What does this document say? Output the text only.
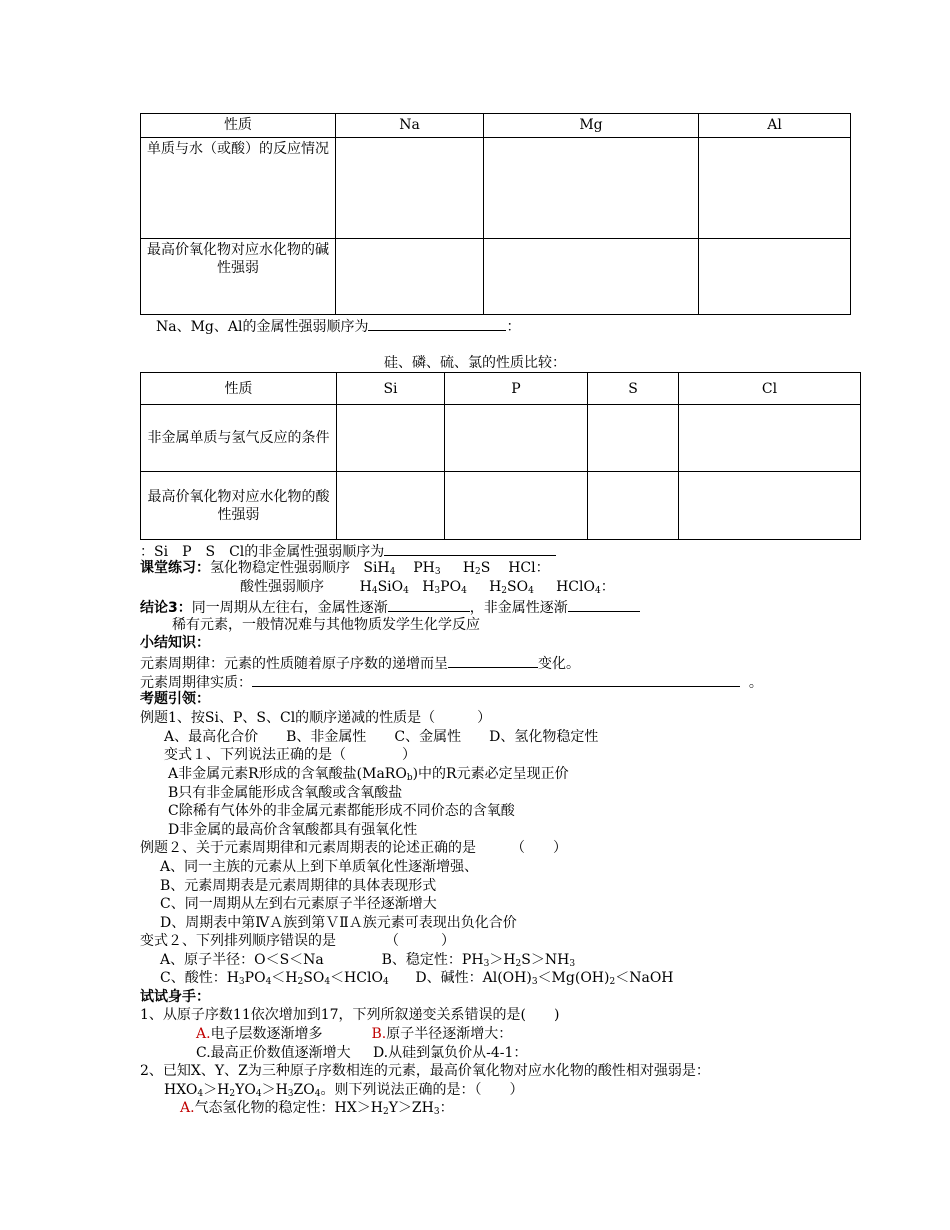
性质	Na	Mg	Al
单质与水（或酸）的反应情况			
最高价氧化物对应水化物的碱性强弱			
Na、Mg、Al的金属性强弱顺序为	：
硅、磷、硫、氯的性质比较：
性质	Si	P	S	Cl
非金属单质与氢气反应的条件				
最高价氧化物对应水化物的酸性强弱				
：Si　P　S　Cl的非金属性强弱顺序为
课堂练习：氢化物稳定性强弱顺序 SiH$_4$ $PH_3$ $H_2S$ HCl：
酸性强弱顺序	$H_4SiO_4$ $H_3PO_4$ $H_2SO_4$ HClO$_4$：
结论3：同一周期从左往右，金属性逐渐	，非金属性逐渐
稀有元素，一般情况难与其他物质发学生化学反应
小结知识：
元素周期律：元素的性质随着原子序数的递增而呈	变化。
元素周期律实质：	。
考题引领：
例题1、按Si、P、S、Cl的顺序递减的性质是（　　　）
A、最高化合价　　B、非金属性　　C、金属性　　D、氢化物稳定性
变式１、下列说法正确的是（　　　　）
A非金属元素R形成的含氧酸盐(MaRO$_b$)中的R元素必定呈现正价
B只有非金属能形成含氧酸或含氧酸盐
C除稀有气体外的非金属元素都能形成不同价态的含氧酸
D非金属的最高价含氧酸都具有强氧化性
例题２、关于元素周期律和元素周期表的论述正确的是　　　（　　）
A、同一主族的元素从上到下单质氧化性逐渐增强、
B、元素周期表是元素周期律的具体表现形式
C、同一周期从左到右元素原子半径逐渐增大
D、周期表中第ⅣＡ族到第ＶⅡＡ族元素可表现出负化合价
变式２、下列排列顺序错误的是　　　　（　　　）
A、原子半径：O＜S＜Na	B、稳定性：$PH_3>H_2S>NH_3$
C、酸性：$H_3PO_4<H_2SO_4<HClO_4$ D、碱性：$Al(OH)_3<Mg(OH)_2<NaOH$
试试身手：
1、从原子序数11依次增加到17，下列所叙递变关系错误的是(　　)
A.电子层数逐渐增多	B.原子半径逐渐增大：
C.最高正价数值逐渐增大 D.从硅到氯负价从-4-1：
2、已知X、Y、Z为三种原子序数相连的元素，最高价氧化物对应水化物的酸性相对强弱是：
$HXO_4>H_2YO_4>H_3ZO_4$。则下列说法正确的是：（　　）
A.气态氢化物的稳定性：$HX>H_2Y>ZH_3$：
